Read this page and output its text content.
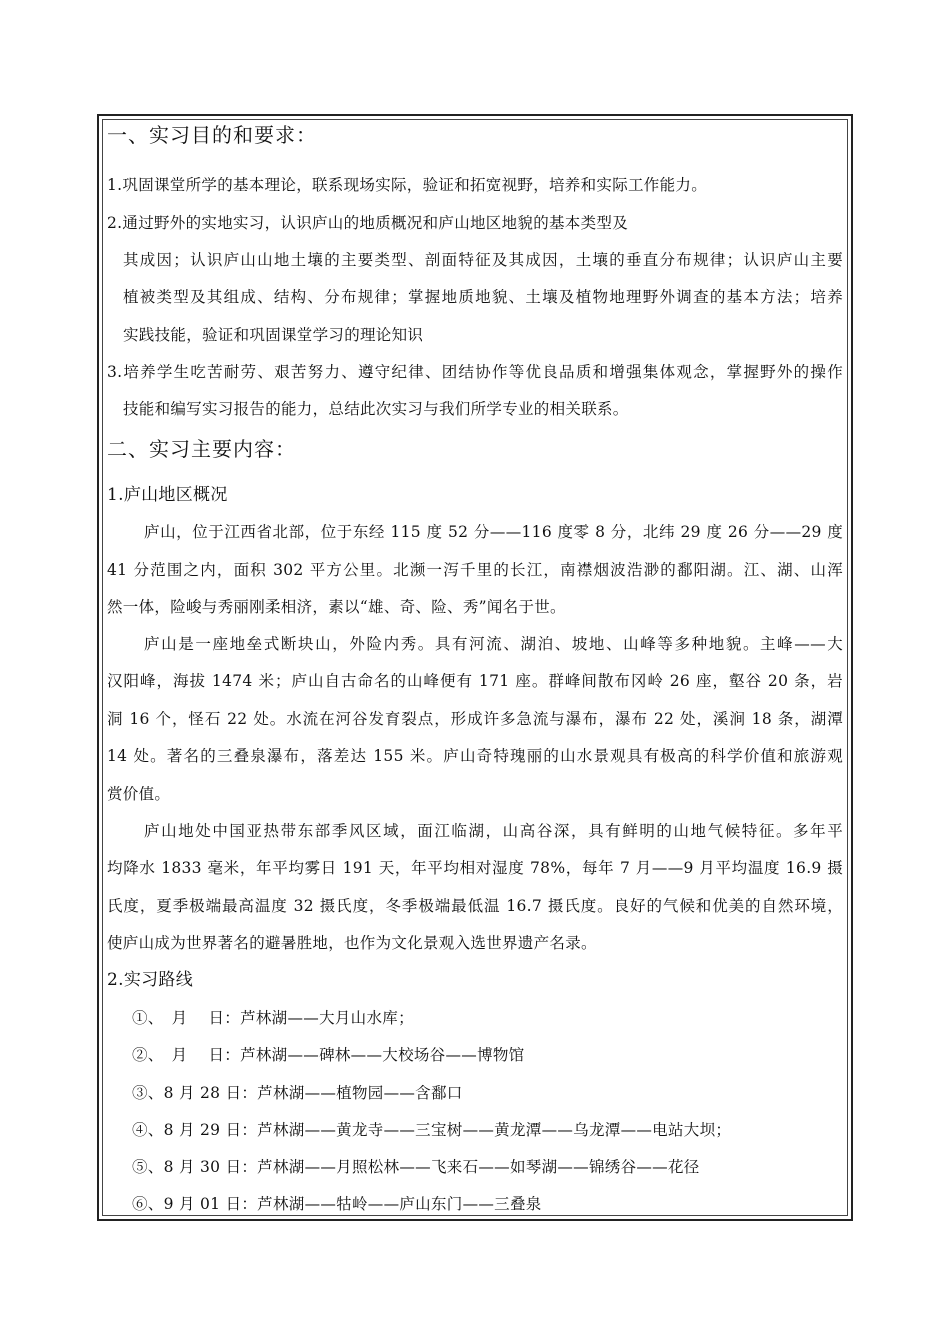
一、实习目的和要求：
1.巩固课堂所学的基本理论，联系现场实际，验证和拓宽视野，培养和实际工作能力。
2.通过野外的实地实习，认识庐山的地质概况和庐山地区地貌的基本类型及
其成因；认识庐山山地土壤的主要类型、剖面特征及其成因，土壤的垂直分布规律；认识庐山主要
植被类型及其组成、结构、分布规律；掌握地质地貌、土壤及植物地理野外调查的基本方法；培养
实践技能，验证和巩固课堂学习的理论知识
3.培养学生吃苦耐劳、艰苦努力、遵守纪律、团结协作等优良品质和增强集体观念，掌握野外的操作
技能和编写实习报告的能力，总结此次实习与我们所学专业的相关联系。
二、实习主要内容：
1.庐山地区概况
庐山，位于江西省北部，位于东经 115 度 52 分——116 度零 8 分，北纬 29 度 26 分——29 度
41 分范围之内，面积 302 平方公里。北濒一泻千里的长江，南襟烟波浩渺的鄱阳湖。江、湖、山浑
然一体，险峻与秀丽刚柔相济，素以“雄、奇、险、秀”闻名于世。
庐山是一座地垒式断块山，外险内秀。具有河流、湖泊、坡地、山峰等多种地貌。主峰——大
汉阳峰，海拔 1474 米；庐山自古命名的山峰便有 171 座。群峰间散布冈岭 26 座，壑谷 20 条，岩
洞 16 个，怪石 22 处。水流在河谷发育裂点，形成许多急流与瀑布，瀑布 22 处，溪涧 18 条，湖潭
14 处。著名的三叠泉瀑布，落差达 155 米。庐山奇特瑰丽的山水景观具有极高的科学价值和旅游观
赏价值。
庐山地处中国亚热带东部季风区域，面江临湖，山高谷深，具有鲜明的山地气候特征。多年平
均降水 1833 毫米，年平均雾日 191 天，年平均相对湿度 78%，每年 7 月——9 月平均温度 16.9 摄
氏度，夏季极端最高温度 32 摄氏度，冬季极端最低温 16.7 摄氏度。良好的气候和优美的自然环境，
使庐山成为世界著名的避暑胜地，也作为文化景观入选世界遗产名录。
2.实习路线
①、　月　 日：芦林湖——大月山水库；
②、　月　 日：芦林湖——碑林——大校场谷——博物馆
③、8 月 28 日：芦林湖——植物园——含鄱口
④、8 月 29 日：芦林湖——黄龙寺——三宝树——黄龙潭——乌龙潭——电站大坝；
⑤、8 月 30 日：芦林湖——月照松林——飞来石——如琴湖——锦绣谷——花径
⑥、9 月 01 日：芦林湖——牯岭——庐山东门——三叠泉
